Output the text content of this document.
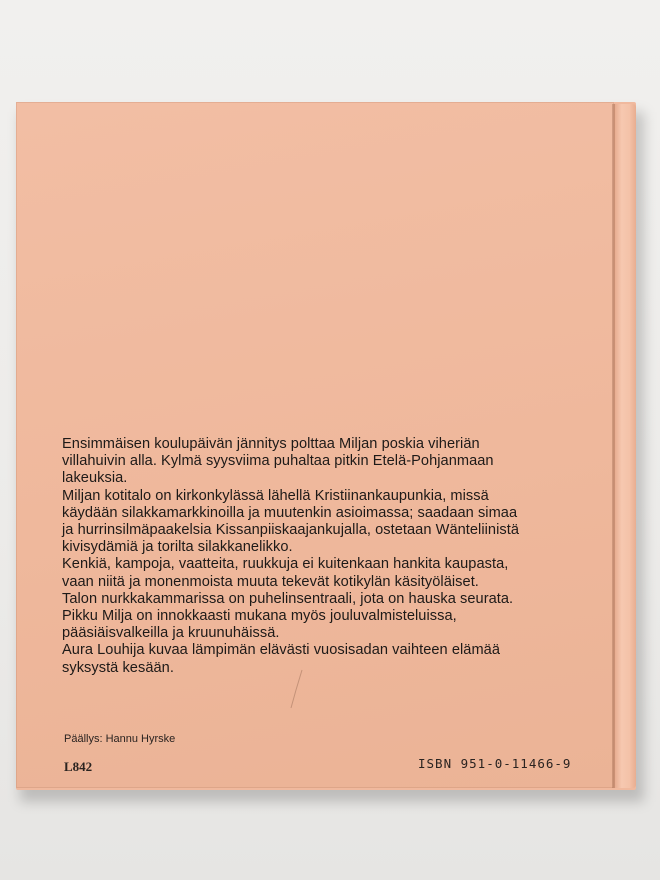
Ensimmäisen koulupäivän jännitys polttaa Miljan poskia viheriän
villahuivin alla. Kylmä syysviima puhaltaa pitkin Etelä-Pohjanmaan
lakeuksia.
Miljan kotitalo on kirkonkylässä lähellä Kristiinankaupunkia, missä
käydään silakkamarkkinoilla ja muutenkin asioimassa; saadaan simaa
ja hurrinsilmäpaakelsia Kissanpiiskaajankujalla, ostetaan Wänteliinistä
kivisydämiä ja torilta silakkanelikko.
Kenkiä, kampoja, vaatteita, ruukkuja ei kuitenkaan hankita kaupasta,
vaan niitä ja monenmoista muuta tekevät kotikylän käsityöläiset.
Talon nurkkakammarissa on puhelinsentraali, jota on hauska seurata.
Pikku Milja on innokkaasti mukana myös jouluvalmisteluissa,
pääsiäisvalkeilla ja kruunuhäissä.
Aura Louhija kuvaa lämpimän elävästi vuosisadan vaihteen elämää
syksystä kesään.

Päällys: Hannu Hyrske
L842	ISBN 951-0-11466-9
